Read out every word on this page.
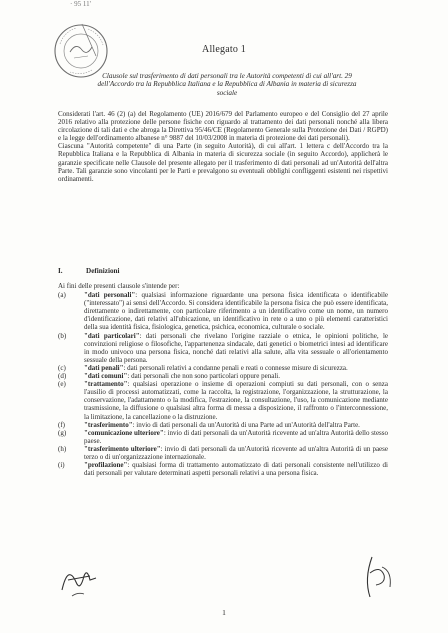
· 95 11'
Allegato 1
Clausole sul trasferimento di dati personali tra le Autorità competenti di cui all'art. 29 dell'Accordo tra la Repubblica Italiana e la Repubblica di Albania in materia di sicurezza sociale

Considerati l'art. 46 (2) (a) del Regolamento (UE) 2016/679 del Parlamento europeo e del Consiglio del 27 aprile 2016 relativo alla protezione delle persone fisiche con riguardo al trattamento dei dati personali nonché alla libera circolazione di tali dati e che abroga la Direttiva 95/46/CE (Regolamento Generale sulla Protezione dei Dati / RGPD) e la legge dell'ordinamento albanese n° 9887 del 10/03/2008 in materia di protezione dei dati personali).

Ciascuna "Autorità competente" di una Parte (in seguito Autorità), di cui all'art. 1 lettera c dell'Accordo tra la Repubblica Italiana e la Repubblica di Albania in materia di sicurezza sociale (in seguito Accordo), applicherà le garanzie specificate nelle Clausole del presente allegato per il trasferimento di dati personali ad un'Autorità dell'altra Parte. Tali garanzie sono vincolanti per le Parti e prevalgono su eventuali obblighi confliggenti esistenti nei rispettivi ordinamenti.

I.	Definizioni

Ai fini delle presenti clausole s'intende per:

(a)	"dati personali": qualsiasi informazione riguardante una persona fisica identificata o identificabile ("interessato") ai sensi dell'Accordo. Si considera identificabile la persona fisica che può essere identificata, direttamente o indirettamente, con particolare riferimento a un identificativo come un nome, un numero d'identificazione, dati relativi all'ubicazione, un identificativo in rete o a uno o più elementi caratteristici della sua identità fisica, fisiologica, genetica, psichica, economica, culturale o sociale.
(b)	"dati particolari": dati personali che rivelano l'origine razziale o etnica, le opinioni politiche, le convinzioni religiose o filosofiche, l'appartenenza sindacale, dati genetici o biometrici intesi ad identificare in modo univoco una persona fisica, nonché dati relativi alla salute, alla vita sessuale o all'orientamento sessuale della persona.
(c)	"dati penali": dati personali relativi a condanne penali e reati o connesse misure di sicurezza.
(d)	"dati comuni": dati personali che non sono particolari oppure penali.
(e)	"trattamento": qualsiasi operazione o insieme di operazioni compiuti su dati personali, con o senza l'ausilio di processi automatizzati, come la raccolta, la registrazione, l'organizzazione, la strutturazione, la conservazione, l'adattamento o la modifica, l'estrazione, la consultazione, l'uso, la comunicazione mediante trasmissione, la diffusione o qualsiasi altra forma di messa a disposizione, il raffronto o l'interconnessione, la limitazione, la cancellazione o la distruzione.
(f)	"trasferimento": invio di dati personali da un'Autorità di una Parte ad un'Autorità dell'altra Parte.
(g)	"comunicazione ulteriore": invio di dati personali da un'Autorità ricevente ad un'altra Autorità dello stesso paese.
(h)	"trasferimento ulteriore": invio di dati personali da un'Autorità ricevente ad un'altra Autorità di un paese terzo o di un'organizzazione internazionale.
(i)	"profilazione": qualsiasi forma di trattamento automatizzato di dati personali consistente nell'utilizzo di dati personali per valutare determinati aspetti personali relativi a una persona fisica.
1
